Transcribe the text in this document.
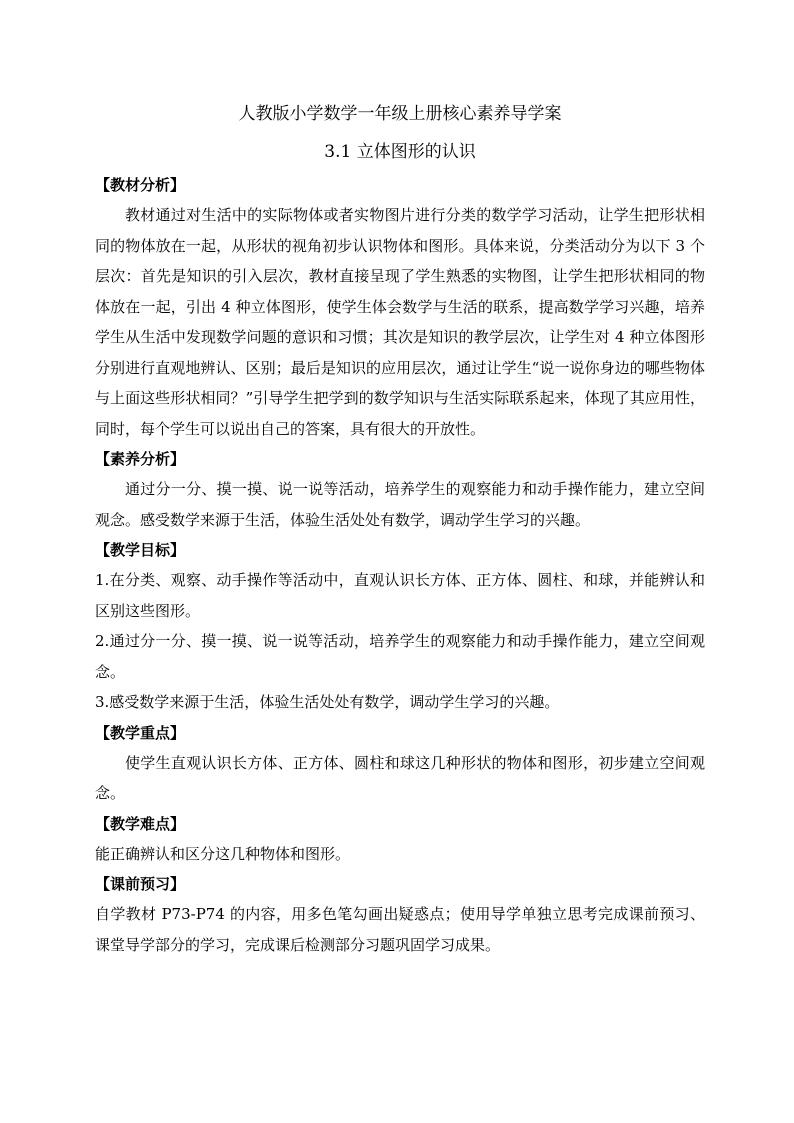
人教版小学数学一年级上册核心素养导学案

3.1 立体图形的认识

【教材分析】

教材通过对生活中的实际物体或者实物图片进行分类的数学学习活动，让学生把形状相同的物体放在一起，从形状的视角初步认识物体和图形。具体来说，分类活动分为以下 3 个层次：首先是知识的引入层次，教材直接呈现了学生熟悉的实物图，让学生把形状相同的物体放在一起，引出 4 种立体图形，使学生体会数学与生活的联系，提高数学学习兴趣，培养学生从生活中发现数学问题的意识和习惯；其次是知识的教学层次，让学生对 4 种立体图形分别进行直观地辨认、区别；最后是知识的应用层次，通过让学生“说一说你身边的哪些物体与上面这些形状相同？”引导学生把学到的数学知识与生活实际联系起来，体现了其应用性，同时，每个学生可以说出自己的答案，具有很大的开放性。

【素养分析】

通过分一分、摸一摸、说一说等活动，培养学生的观察能力和动手操作能力，建立空间观念。感受数学来源于生活，体验生活处处有数学，调动学生学习的兴趣。

【教学目标】

1.在分类、观察、动手操作等活动中，直观认识长方体、正方体、圆柱、和球，并能辨认和区别这些图形。

2.通过分一分、摸一摸、说一说等活动，培养学生的观察能力和动手操作能力，建立空间观念。

3.感受数学来源于生活，体验生活处处有数学，调动学生学习的兴趣。

【教学重点】

使学生直观认识长方体、正方体、圆柱和球这几种形状的物体和图形，初步建立空间观念。

【教学难点】

能正确辨认和区分这几种物体和图形。

【课前预习】

自学教材 P73-P74 的内容，用多色笔勾画出疑惑点；使用导学单独立思考完成课前预习、课堂导学部分的学习，完成课后检测部分习题巩固学习成果。
